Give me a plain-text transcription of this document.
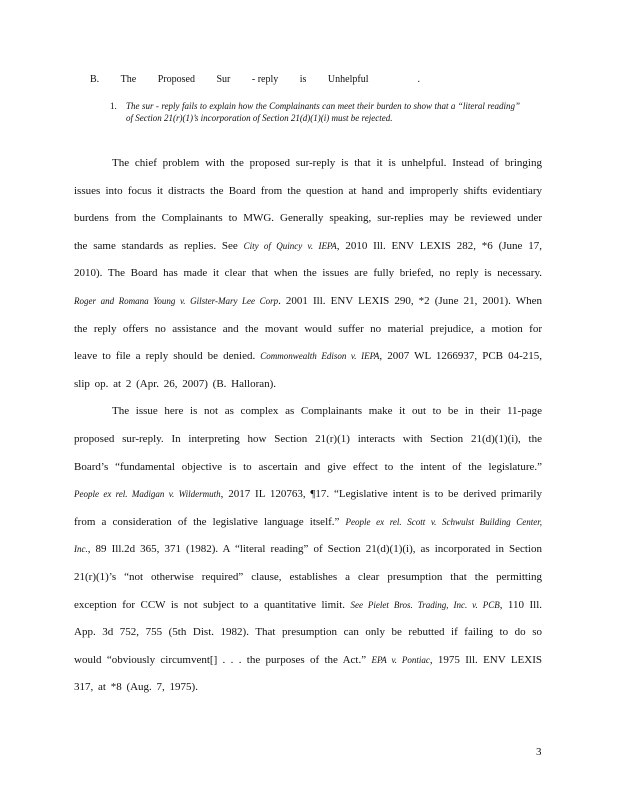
B. The Proposed Sur - reply is Unhelpful	.
1. The sur - reply fails to explain how the Complainants can meet their burden to show that a “literal reading” of Section 21(r)(1)’s incorporation of Section 21(d)(1)(i) must be rejected.

The chief problem with the proposed sur-reply is that it is unhelpful. Instead of bringing issues into focus it distracts the Board from the question at hand and improperly shifts evidentiary burdens from the Complainants to MWG. Generally speaking, sur-replies may be reviewed under the same standards as replies. See City of Quincy v. IEPA, 2010 Ill. ENV LEXIS 282, *6 (June 17, 2010). The Board has made it clear that when the issues are fully briefed, no reply is necessary. Roger and Romana Young v. Gilster-Mary Lee Corp. 2001 Ill. ENV LEXIS 290, *2 (June 21, 2001). When the reply offers no assistance and the movant would suffer no material prejudice, a motion for leave to file a reply should be denied. Commonwealth Edison v. IEPA, 2007 WL 1266937, PCB 04-215, slip op. at 2 (Apr. 26, 2007) (B. Halloran).

The issue here is not as complex as Complainants make it out to be in their 11-page proposed sur-reply. In interpreting how Section 21(r)(1) interacts with Section 21(d)(1)(i), the Board’s “fundamental objective is to ascertain and give effect to the intent of the legislature.” People ex rel. Madigan v. Wildermuth, 2017 IL 120763, ¶17. “Legislative intent is to be derived primarily from a consideration of the legislative language itself.” People ex rel. Scott v. Schwulst Building Center, Inc., 89 Ill.2d 365, 371 (1982). A “literal reading” of Section 21(d)(1)(i), as incorporated in Section 21(r)(1)’s “not otherwise required” clause, establishes a clear presumption that the permitting exception for CCW is not subject to a quantitative limit. See Pielet Bros. Trading, Inc. v. PCB, 110 Ill. App. 3d 752, 755 (5th Dist. 1982). That presumption can only be rebutted if failing to do so would “obviously circumvent[] . . . the purposes of the Act.” EPA v. Pontiac, 1975 Ill. ENV LEXIS 317, at *8 (Aug. 7, 1975).

3
